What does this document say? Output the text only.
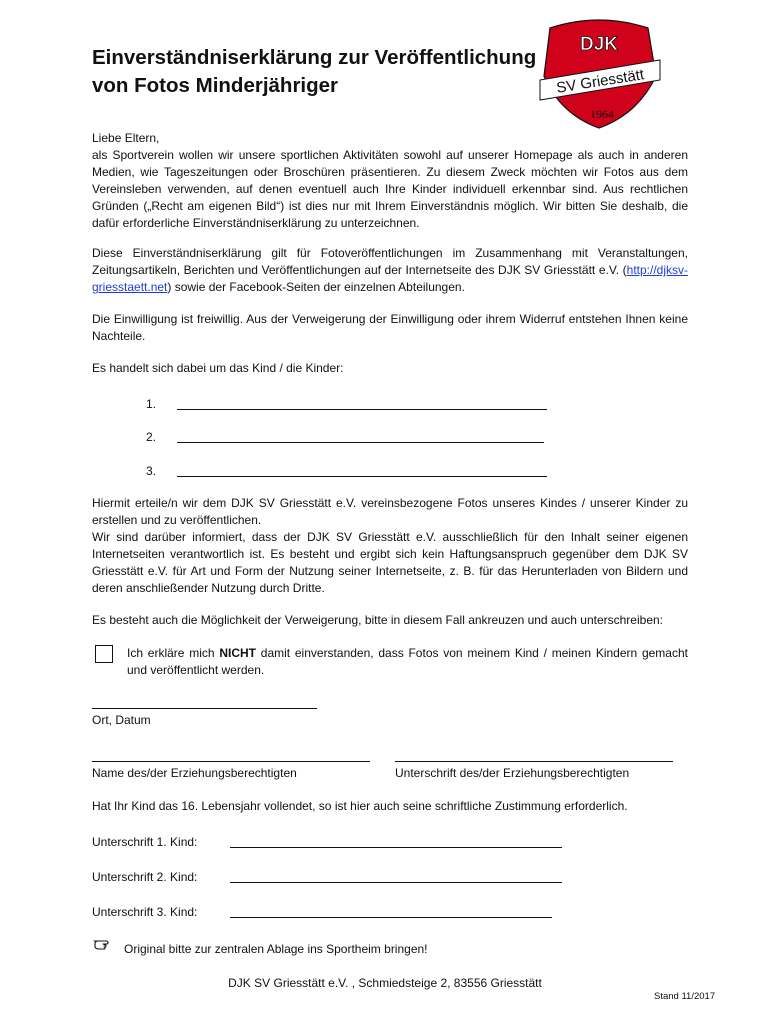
Einverständniserklärung zur Veröffentlichung
von Fotos Minderjähriger
DJK
SV Griesstätt
1964

Liebe Eltern,

als Sportverein wollen wir unsere sportlichen Aktivitäten sowohl auf unserer Homepage als auch in anderen Medien, wie Tageszeitungen oder Broschüren präsentieren. Zu diesem Zweck möchten wir Fotos aus dem Vereinsleben verwenden, auf denen eventuell auch Ihre Kinder individuell erkennbar sind. Aus rechtlichen Gründen („Recht am eigenen Bild“) ist dies nur mit Ihrem Einverständnis möglich. Wir bitten Sie deshalb, die dafür erforderliche Einverständniserklärung zu unterzeichnen.

Diese Einverständniserklärung gilt für Fotoveröffentlichungen im Zusammenhang mit Veranstaltungen, Zeitungsartikeln, Berichten und Veröffentlichungen auf der Internetseite des DJK SV Griesstätt e.V. (http://djksv-griesstaett.net) sowie der Facebook-Seiten der einzelnen Abteilungen.

Die Einwilligung ist freiwillig. Aus der Verweigerung der Einwilligung oder ihrem Widerruf entstehen Ihnen keine Nachteile.

Es handelt sich dabei um das Kind / die Kinder:

1.
2.
3.

Hiermit erteile/n wir dem DJK SV Griesstätt e.V. vereinsbezogene Fotos unseres Kindes / unserer Kinder zu erstellen und zu veröffentlichen.

Wir sind darüber informiert, dass der DJK SV Griesstätt e.V. ausschließlich für den Inhalt seiner eigenen Internetseiten verantwortlich ist. Es besteht und ergibt sich kein Haftungsanspruch gegenüber dem DJK SV Griesstätt e.V. für Art und Form der Nutzung seiner Internetseite, z. B. für das Herunterladen von Bildern und deren anschließender Nutzung durch Dritte.

Es besteht auch die Möglichkeit der Verweigerung, bitte in diesem Fall ankreuzen und auch unterschreiben:

Ich erkläre mich NICHT damit einverstanden, dass Fotos von meinem Kind / meinen Kindern gemacht und veröffentlicht werden.

Ort, Datum
Name des/der Erziehungsberechtigten	Unterschrift des/der Erziehungsberechtigten
Hat Ihr Kind das 16. Lebensjahr vollendet, so ist hier auch seine schriftliche Zustimmung erforderlich.
Unterschrift 1. Kind:
Unterschrift 2. Kind:
Unterschrift 3. Kind:
Original bitte zur zentralen Ablage ins Sportheim bringen!
DJK SV Griesstätt e.V. , Schmiedsteige 2, 83556 Griesstätt
Stand 11/2017
